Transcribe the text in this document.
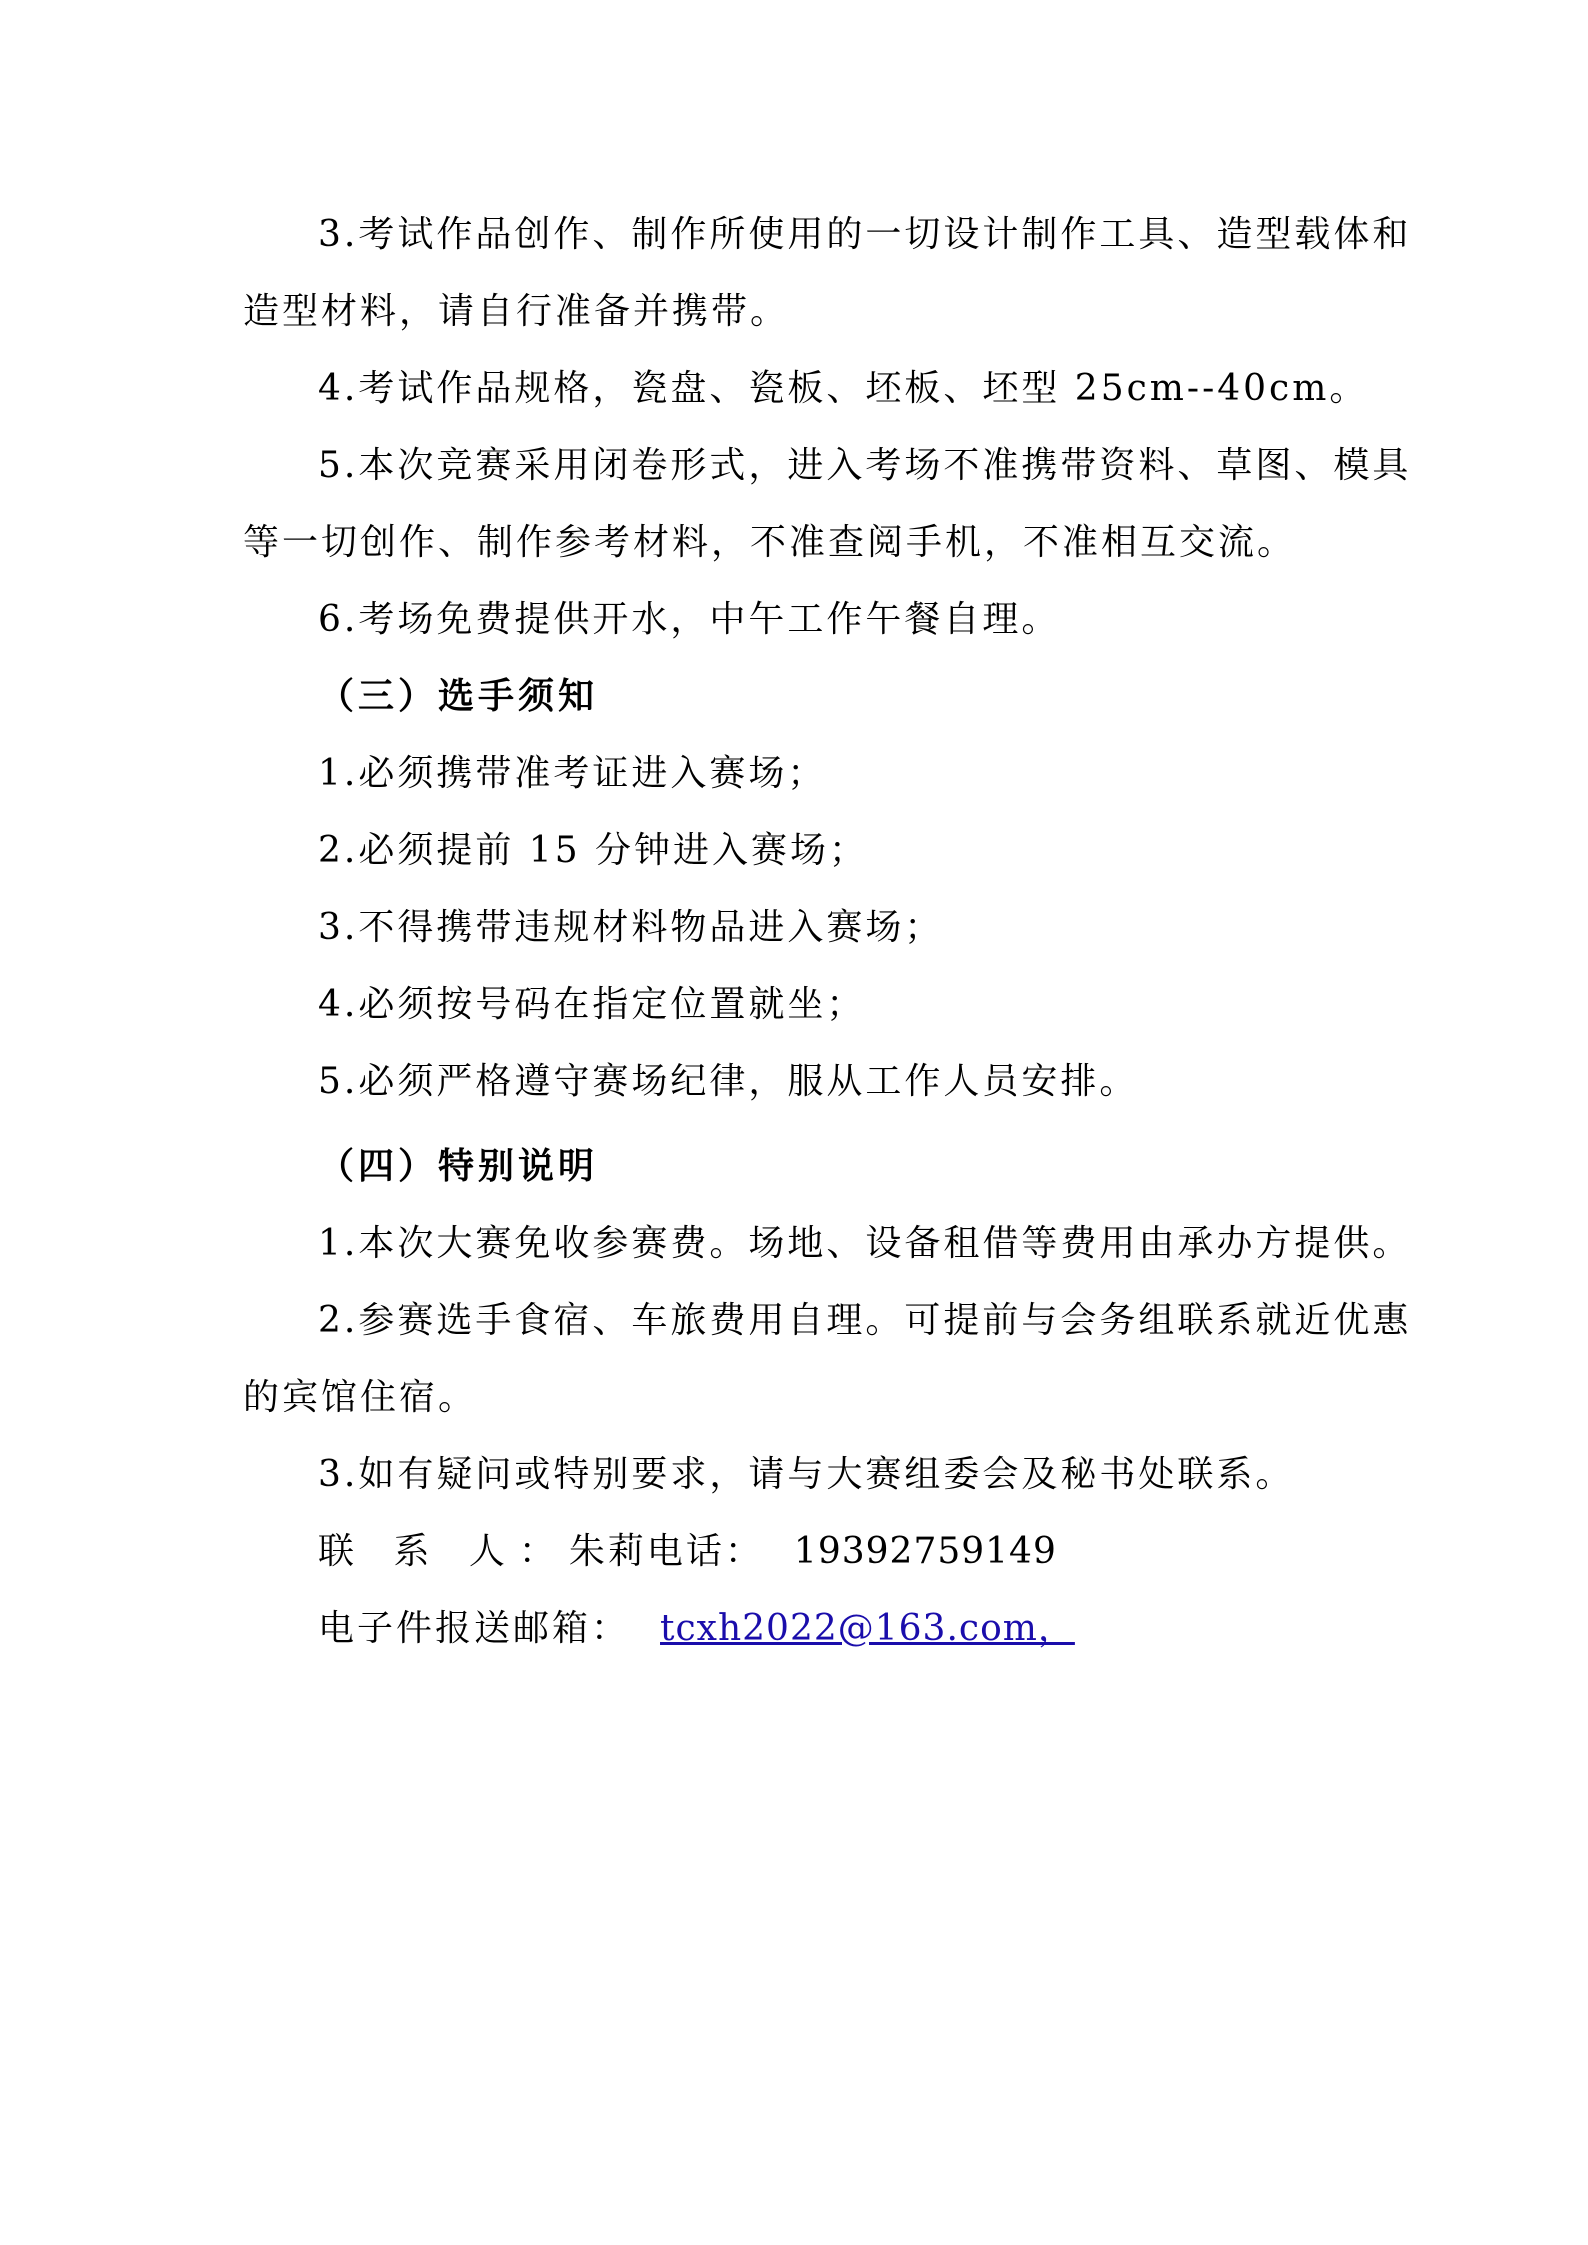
3.考试作品创作、制作所使用的一切设计制作工具、造型载体和
造型材料，请自行准备并携带。
4.考试作品规格，瓷盘、瓷板、坯板、坯型 25cm--40cm。
5.本次竞赛采用闭卷形式，进入考场不准携带资料、草图、模具
等一切创作、制作参考材料，不准查阅手机，不准相互交流。
6.考场免费提供开水，中午工作午餐自理。
（三）选手须知
1.必须携带准考证进入赛场；
2.必须提前 15 分钟进入赛场；
3.不得携带违规材料物品进入赛场；
4.必须按号码在指定位置就坐；
5.必须严格遵守赛场纪律，服从工作人员安排。
（四）特别说明
1.本次大赛免收参赛费。场地、设备租借等费用由承办方提供。
2.参赛选手食宿、车旅费用自理。可提前与会务组联系就近优惠
的宾馆住宿。
3.如有疑问或特别要求，请与大赛组委会及秘书处联系。
联 系 人：朱莉电话： 19392759149
电子件报送邮箱： tcxh2022@163.com，
